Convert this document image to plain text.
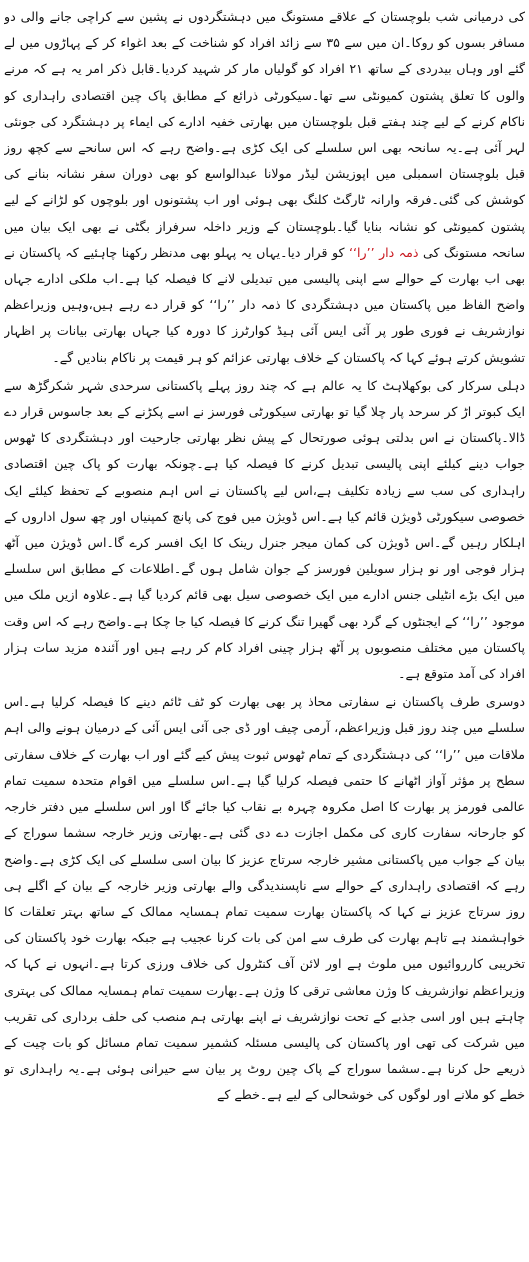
کی درمیانی شب بلوچستان کے علاقے مستونگ میں دہشتگردوں نے پشین سے کراچی جانے والی دو مسافر بسوں کو روکا۔ان میں سے ۳۵ سے زائد افراد کو شناخت کے بعد اغواء کر کے پہاڑوں میں لے گئے اور وہاں بیدردی کے ساتھ ۲۱ افراد کو گولیاں مار کر شہید کردیا۔قابل ذکر امر یہ ہے کہ مرنے والوں کا تعلق پشتون کمیونٹی سے تھا۔سیکورٹی ذرائع کے مطابق پاک چین اقتصادی راہداری کو ناکام کرنے کے لیے چند ہفتے قبل بلوچستان میں بھارتی خفیہ ادارے کی ایماء پر دہشتگرد کی جونئی لہر آئی ہے۔یہ سانحہ بھی اس سلسلے کی ایک کڑی ہے۔واضح رہے کہ اس سانحے سے کچھ روز قبل بلوچستان اسمبلی میں اپوزیشن لیڈر مولانا عبدالواسع کو بھی دوران سفر نشانہ بنانے کی کوشش کی گئی۔فرقہ وارانہ ٹارگٹ کلنگ بھی ہوئی اور اب پشتونوں اور بلوچوں کو لڑانے کے لیے پشتون کمیونٹی کو نشانہ بنایا گیا۔بلوچستان کے وزیر داخلہ سرفراز بگٹی نے بھی ایک بیان میں سانحہ مستونگ کی ذمہ دار ’’را‘‘ کو قرار دیا۔یہاں یہ پہلو بھی مدنظر رکھنا چاہئیے کہ پاکستان نے بھی اب بھارت کے حوالے سے اپنی پالیسی میں تبدیلی لانے کا فیصلہ کیا ہے۔اب ملکی ادارے جہاں واضح الفاظ میں پاکستان میں دہشتگردی کا ذمہ دار ’’را‘‘ کو قرار دے رہے ہیں،وہیں وزیراعظم نوازشریف نے فوری طور پر آئی ایس آئی ہیڈ کوارٹرز کا دورہ کیا جہاں بھارتی بیانات پر اظہار تشویش کرتے ہوئے کہا کہ پاکستان کے خلاف بھارتی عزائم کو ہر قیمت پر ناکام بنادیں گے۔

دہلی سرکار کی بوکھلاہٹ کا یہ عالم ہے کہ چند روز پہلے پاکستانی سرحدی شہر شکرگڑھ سے ایک کبوتر اڑ کر سرحد پار چلا گیا تو بھارتی سیکورٹی فورسز نے اسے پکڑنے کے بعد جاسوس قرار دے ڈالا۔پاکستان نے اس بدلتی ہوئی صورتحال کے پیش نظر بھارتی جارحیت اور دہشتگردی کا ٹھوس جواب دینے کیلئے اپنی پالیسی تبدیل کرنے کا فیصلہ کیا ہے۔چونکہ بھارت کو پاک چین اقتصادی راہداری کی سب سے زیادہ تکلیف ہے،اس لیے پاکستان نے اس اہم منصوبے کے تحفظ کیلئے ایک خصوصی سیکورٹی ڈویژن قائم کیا ہے۔اس ڈویژن میں فوج کی پانچ کمپنیاں اور چھ سول اداروں کے اہلکار رہیں گے۔اس ڈویژن کی کمان میجر جنرل رینک کا ایک افسر کرے گا۔اس ڈویژن میں آٹھ ہزار فوجی اور نو ہزار سویلین فورسز کے جوان شامل ہوں گے۔اطلاعات کے مطابق اس سلسلے میں ایک بڑے انٹیلی جنس ادارے میں ایک خصوصی سیل بھی قائم کردیا گیا ہے۔علاوہ ازیں ملک میں موجود ’’را‘‘ کے ایجنٹوں کے گرد بھی گھیرا تنگ کرنے کا فیصلہ کیا جا چکا ہے۔واضح رہے کہ اس وقت پاکستان میں مختلف منصوبوں پر آٹھ ہزار چینی افراد کام کر رہے ہیں اور آئندہ مزید سات ہزار افراد کی آمد متوقع ہے۔

دوسری طرف پاکستان نے سفارتی محاذ پر بھی بھارت کو ٹف ٹائم دینے کا فیصلہ کرلیا ہے۔اس سلسلے میں چند روز قبل وزیراعظم، آرمی چیف اور ڈی جی آئی ایس آئی کے درمیان ہونے والی اہم ملاقات میں ’’را‘‘ کی دہشتگردی کے تمام ٹھوس ثبوت پیش کیے گئے اور اب بھارت کے خلاف سفارتی سطح پر مؤثر آواز اٹھانے کا حتمی فیصلہ کرلیا گیا ہے۔اس سلسلے میں اقوام متحدہ سمیت تمام عالمی فورمز پر بھارت کا اصل مکروہ چہرہ بے نقاب کیا جائے گا اور اس سلسلے میں دفتر خارجہ کو جارحانہ سفارت کاری کی مکمل اجازت دے دی گئی ہے۔بھارتی وزیر خارجہ سشما سوراج کے بیان کے جواب میں پاکستانی مشیر خارجہ سرتاج عزیز کا بیان اسی سلسلے کی ایک کڑی ہے۔واضح رہے کہ اقتصادی راہداری کے حوالے سے ناپسندیدگی والے بھارتی وزیر خارجہ کے بیان کے اگلے ہی روز سرتاج عزیز نے کہا کہ پاکستان بھارت سمیت تمام ہمسایہ ممالک کے ساتھ بہتر تعلقات کا خواہشمند ہے تاہم بھارت کی طرف سے امن کی بات کرنا عجیب ہے جبکہ بھارت خود پاکستان کی تخریبی کارروائیوں میں ملوث ہے اور لائن آف کنٹرول کی خلاف ورزی کرتا ہے۔انہوں نے کہا کہ وزیراعظم نوازشریف کا وژن معاشی ترقی کا وژن ہے۔بھارت سمیت تمام ہمسایہ ممالک کی بہتری چاہتے ہیں اور اسی جذبے کے تحت نوازشریف نے اپنے بھارتی ہم منصب کی حلف برداری کی تقریب میں شرکت کی تھی اور پاکستان کی پالیسی مسئلہ کشمیر سمیت تمام مسائل کو بات چیت کے ذریعے حل کرنا ہے۔سشما سوراج کے پاک چین روٹ پر بیان سے حیرانی ہوئی ہے۔یہ راہداری تو خطے کو ملانے اور لوگوں کی خوشحالی کے لیے ہے۔خطے کے
